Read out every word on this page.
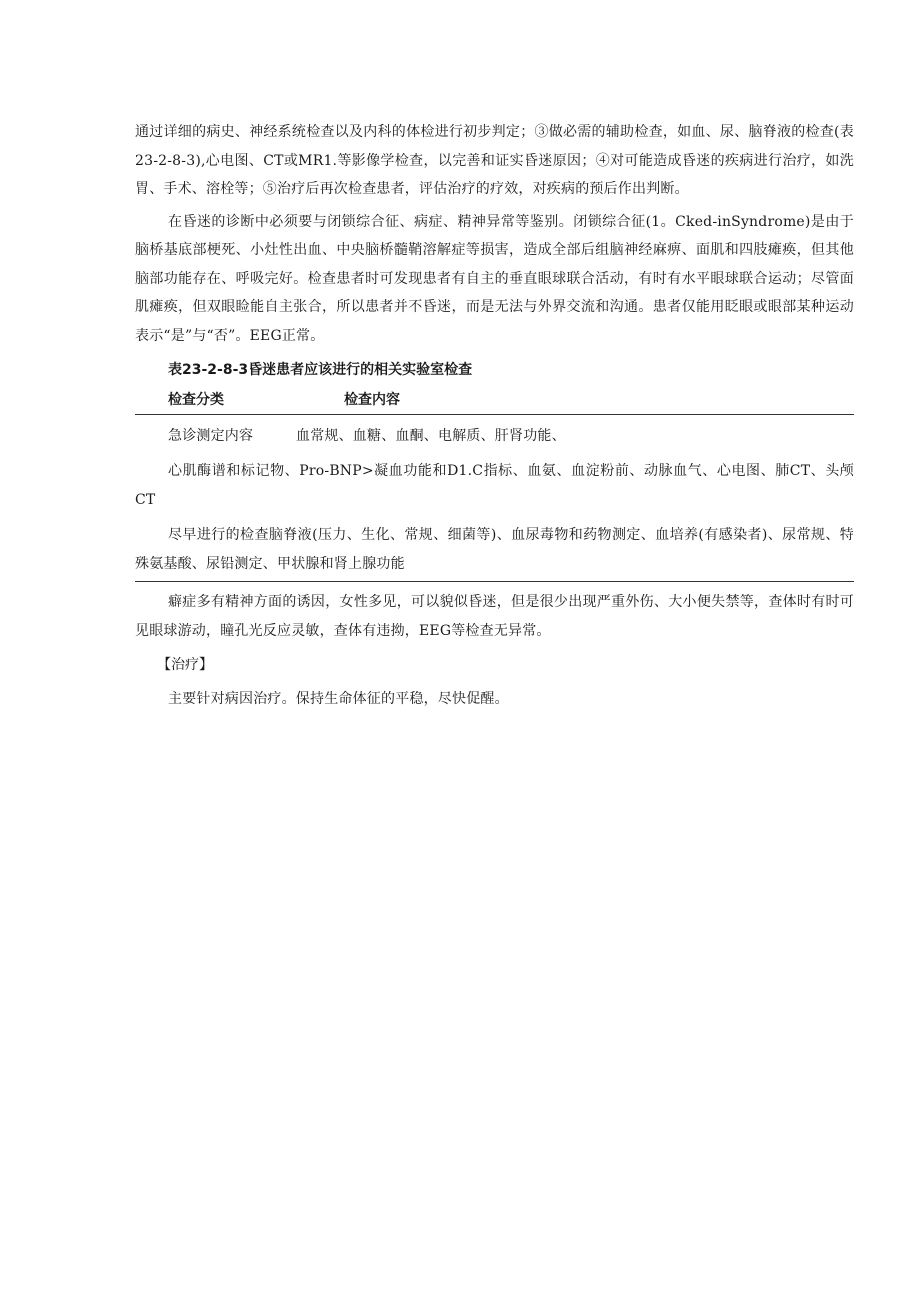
通过详细的病史、神经系统检查以及内科的体检进行初步判定；③做必需的辅助检查，如血、尿、脑脊液的检查(表23-2-8-3),心电图、CT或MR1.等影像学检查，以完善和证实昏迷原因；④对可能造成昏迷的疾病进行治疗，如洗胃、手术、溶栓等；⑤治疗后再次检查患者，评估治疗的疗效，对疾病的预后作出判断。

在昏迷的诊断中必须要与闭锁综合征、病症、精神异常等鉴别。闭锁综合征(1。Cked-inSyndrome)是由于脑桥基底部梗死、小灶性出血、中央脑桥髓鞘溶解症等损害，造成全部后组脑神经麻痹、面肌和四肢瘫痪，但其他脑部功能存在、呼吸完好。检查患者时可发现患者有自主的垂直眼球联合活动，有时有水平眼球联合运动；尽管面肌瘫痪，但双眼睑能自主张合，所以患者并不昏迷，而是无法与外界交流和沟通。患者仅能用眨眼或眼部某种运动表示“是”与“否”。EEG正常。

表23-2-8-3昏迷患者应该进行的相关实验室检查
检查分类	检查内容

急诊测定内容	血常规、血糖、血酮、电解质、肝肾功能、

心肌酶谱和标记物、Pro-BNP>凝血功能和D1.C指标、血氨、血淀粉前、动脉血气、心电图、肺CT、头颅CT

尽早进行的检查脑脊液(压力、生化、常规、细菌等)、血尿毒物和药物测定、血培养(有感染者)、尿常规、特殊氨基酸、尿铅测定、甲状腺和肾上腺功能

癖症多有精神方面的诱因，女性多见，可以貌似昏迷，但是很少出现严重外伤、大小便失禁等，查体时有时可见眼球游动，瞳孔光反应灵敏，查体有违拗，EEG等检查无异常。

【治疗】

主要针对病因治疗。保持生命体征的平稳，尽快促醒。
